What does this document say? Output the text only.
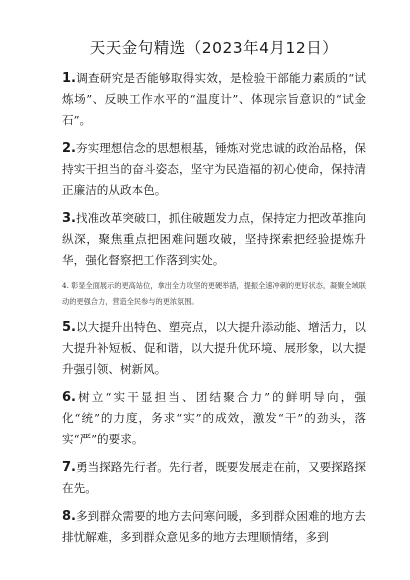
天天金句精选（2023年4月12日）

1.调查研究是否能够取得实效，是检验干部能力素质的“试炼场”、反映工作水平的“温度计”、体现宗旨意识的“试金石”。

2.夯实理想信念的思想根基，锤炼对党忠诚的政治品格，保持实干担当的奋斗姿态，坚守为民造福的初心使命，保持清正廉洁的从政本色。

3.找准改革突破口，抓住破题发力点，保持定力把改革推向纵深，聚焦重点把困难问题攻破，坚持探索把经验提炼升华，强化督察把工作落到实处。

4. 彰显全面展示的更高站位，拿出全力攻坚的更硬举措，提振全速冲刺的更好状态，凝聚全域联动的更强合力，营造全民参与的更浓氛围。

5.以大提升出特色、塑亮点，以大提升添动能、增活力，以大提升补短板、促和谐，以大提升优环境、展形象，以大提升强引领、树新风。

6.树立“实干显担当、团结聚合力”的鲜明导向，强化“统”的力度，务求“实”的成效，激发“干”的劲头，落实“严”的要求。

7.勇当探路先行者。先行者，既要发展走在前，又要探路探在先。

8.多到群众需要的地方去问寒问暖，多到群众困难的地方去排忧解难，多到群众意见多的地方去理顺情绪，多到
